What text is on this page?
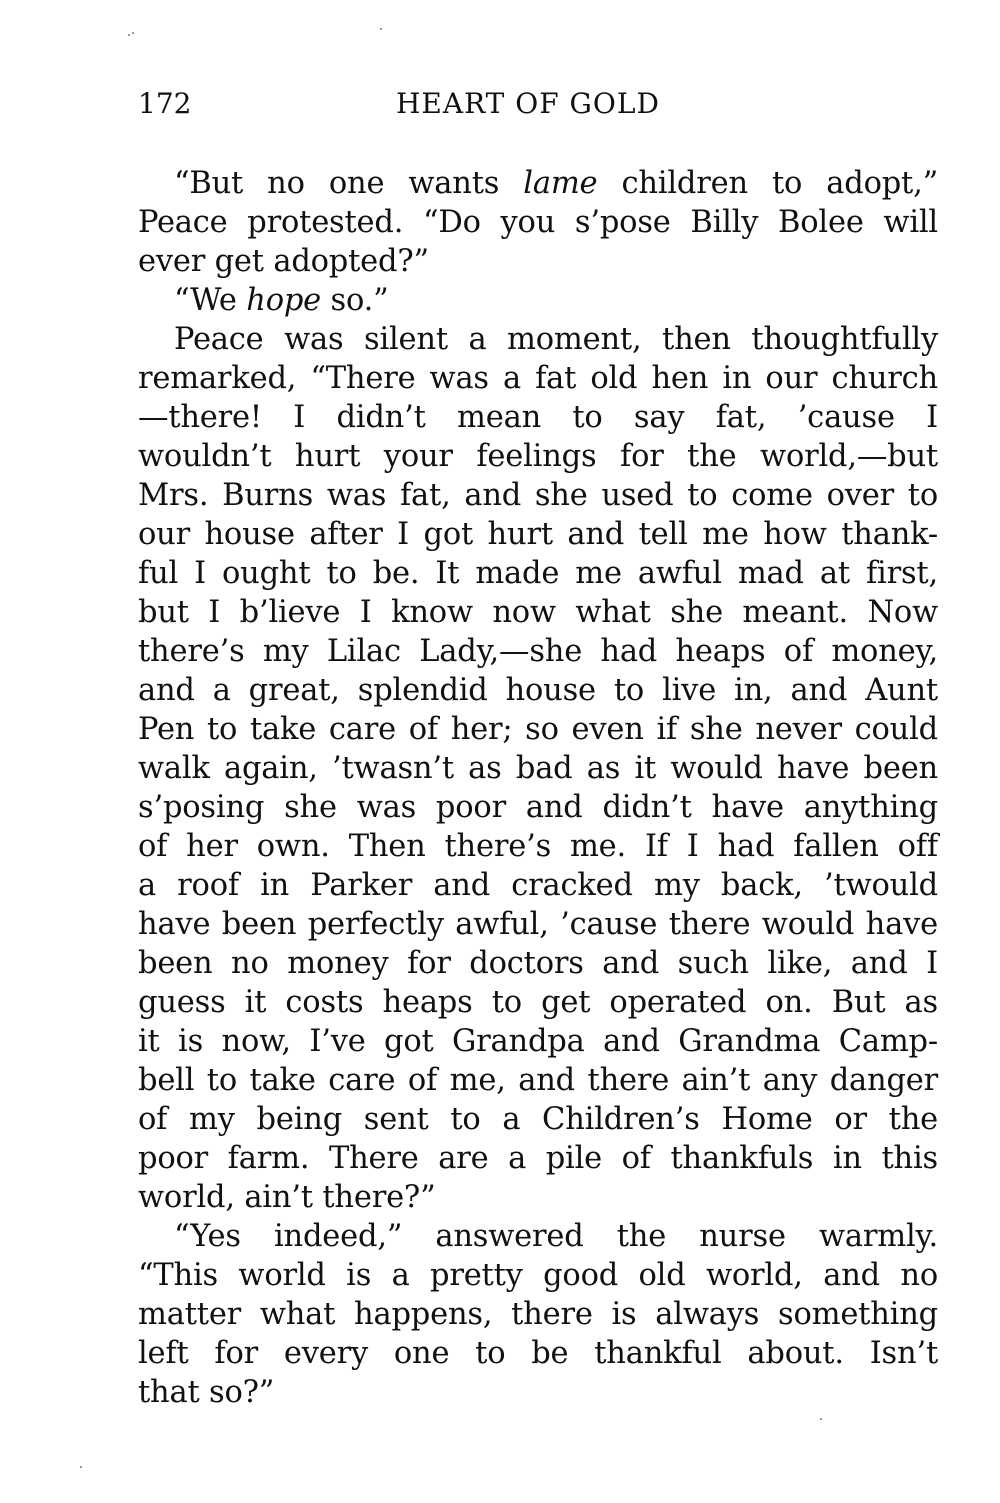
172	HEART OF GOLD

“But no one wants lame children to adopt,”
Peace protested. “Do you s’pose Billy Bolee will
ever get adopted?”

“We hope so.”

Peace was silent a moment, then thoughtfully
remarked, “There was a fat old hen in our church
—there! I didn’t mean to say fat, ’cause I
wouldn’t hurt your feelings for the world,—but
Mrs. Burns was fat, and she used to come over to
our house after I got hurt and tell me how thank-
ful I ought to be. It made me awful mad at first,
but I b’lieve I know now what she meant. Now
there’s my Lilac Lady,—she had heaps of money,
and a great, splendid house to live in, and Aunt
Pen to take care of her; so even if she never could
walk again, ’twasn’t as bad as it would have been
s’posing she was poor and didn’t have anything
of her own. Then there’s me. If I had fallen off
a roof in Parker and cracked my back, ’twould
have been perfectly awful, ’cause there would have
been no money for doctors and such like, and I
guess it costs heaps to get operated on. But as
it is now, I’ve got Grandpa and Grandma Camp-
bell to take care of me, and there ain’t any danger
of my being sent to a Children’s Home or the
poor farm. There are a pile of thankfuls in this
world, ain’t there?”

“Yes indeed,” answered the nurse warmly.
“This world is a pretty good old world, and no
matter what happens, there is always something
left for every one to be thankful about. Isn’t
that so?”
